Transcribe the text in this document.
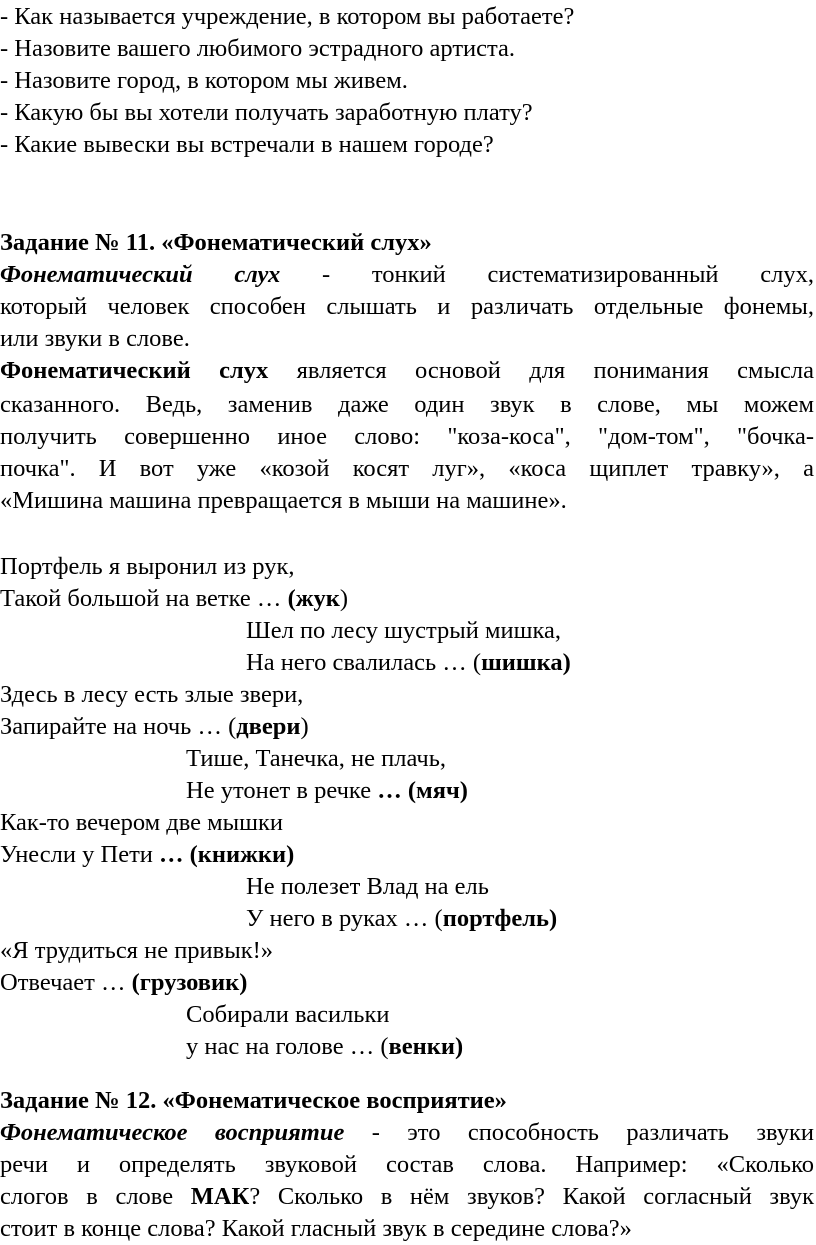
- Как называется учреждение, в котором вы работаете?
- Назовите вашего любимого эстрадного артиста.
- Назовите город, в котором мы живем.
- Какую бы вы хотели получать заработную плату?
- Какие вывески вы встречали в нашем городе?
Задание № 11. «Фонематический слух»
Фонематический слух - тонкий систематизированный слух,
который человек способен слышать и различать отдельные фонемы,
или звуки в слове.
Фонематический слух является основой для понимания смысла
сказанного. Ведь, заменив даже один звук в слове, мы можем
получить совершенно иное слово: "коза-коса", "дом-том", "бочка-
почка". И вот уже «козой косят луг», «коса щиплет травку», а
«Мишина машина превращается в мыши на машине».
Портфель я выронил из рук,
Такой большой на ветке … (жук)
Шел по лесу шустрый мишка,
На него свалилась … (шишка)
Здесь в лесу есть злые звери,
Запирайте на ночь … (двери)
Тише, Танечка, не плачь,
Не утонет в речке … (мяч)
Как-то вечером две мышки
Унесли у Пети … (книжки)
Не полезет Влад на ель
У него в руках … (портфель)
«Я трудиться не привык!»
Отвечает … (грузовик)
Собирали васильки
у нас на голове … (венки)
Задание № 12. «Фонематическое восприятие»
Фонематическое восприятие - это способность различать звуки
речи и определять звуковой состав слова. Например: «Сколько
слогов в слове МАК? Сколько в нём звуков? Какой согласный звук
стоит в конце слова? Какой гласный звук в середине слова?»
